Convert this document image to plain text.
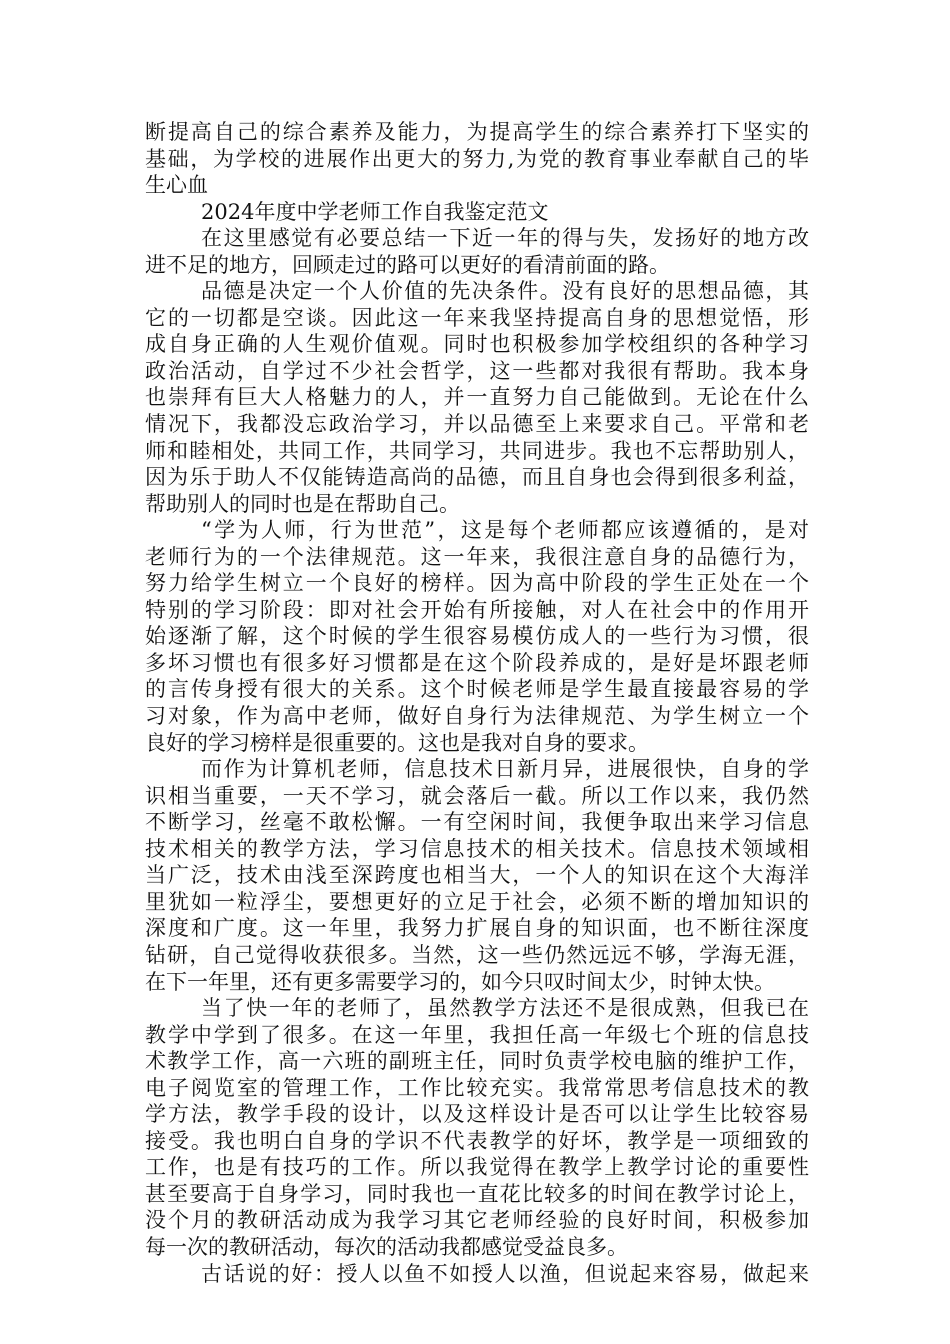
断提高自己的综合素养及能力，为提高学生的综合素养打下坚实的
基础，为学校的进展作出更大的努力,为党的教育事业奉献自己的毕
生心血
2024年度中学老师工作自我鉴定范文
在这里感觉有必要总结一下近一年的得与失，发扬好的地方改
进不足的地方，回顾走过的路可以更好的看清前面的路。
品德是决定一个人价值的先决条件。没有良好的思想品德，其
它的一切都是空谈。因此这一年来我坚持提高自身的思想觉悟，形
成自身正确的人生观价值观。同时也积极参加学校组织的各种学习
政治活动，自学过不少社会哲学，这一些都对我很有帮助。我本身
也崇拜有巨大人格魅力的人，并一直努力自己能做到。无论在什么
情况下，我都没忘政治学习，并以品德至上来要求自己。平常和老
师和睦相处，共同工作，共同学习，共同进步。我也不忘帮助别人，
因为乐于助人不仅能铸造高尚的品德，而且自身也会得到很多利益，
帮助别人的同时也是在帮助自己。
“学为人师，行为世范”，这是每个老师都应该遵循的，是对
老师行为的一个法律规范。这一年来，我很注意自身的品德行为，
努力给学生树立一个良好的榜样。因为高中阶段的学生正处在一个
特别的学习阶段：即对社会开始有所接触，对人在社会中的作用开
始逐渐了解，这个时候的学生很容易模仿成人的一些行为习惯，很
多坏习惯也有很多好习惯都是在这个阶段养成的，是好是坏跟老师
的言传身授有很大的关系。这个时候老师是学生最直接最容易的学
习对象，作为高中老师，做好自身行为法律规范、为学生树立一个
良好的学习榜样是很重要的。这也是我对自身的要求。
而作为计算机老师，信息技术日新月异，进展很快，自身的学
识相当重要，一天不学习，就会落后一截。所以工作以来，我仍然
不断学习，丝毫不敢松懈。一有空闲时间，我便争取出来学习信息
技术相关的教学方法，学习信息技术的相关技术。信息技术领域相
当广泛，技术由浅至深跨度也相当大，一个人的知识在这个大海洋
里犹如一粒浮尘，要想更好的立足于社会，必须不断的增加知识的
深度和广度。这一年里，我努力扩展自身的知识面，也不断往深度
钻研，自己觉得收获很多。当然，这一些仍然远远不够，学海无涯，
在下一年里，还有更多需要学习的，如今只叹时间太少，时钟太快。
当了快一年的老师了，虽然教学方法还不是很成熟，但我已在
教学中学到了很多。在这一年里，我担任高一年级七个班的信息技
术教学工作，高一六班的副班主任，同时负责学校电脑的维护工作，
电子阅览室的管理工作，工作比较充实。我常常思考信息技术的教
学方法，教学手段的设计，以及这样设计是否可以让学生比较容易
接受。我也明白自身的学识不代表教学的好坏，教学是一项细致的
工作，也是有技巧的工作。所以我觉得在教学上教学讨论的重要性
甚至要高于自身学习，同时我也一直花比较多的时间在教学讨论上，
没个月的教研活动成为我学习其它老师经验的良好时间，积极参加
每一次的教研活动，每次的活动我都感觉受益良多。
古话说的好：授人以鱼不如授人以渔，但说起来容易，做起来
